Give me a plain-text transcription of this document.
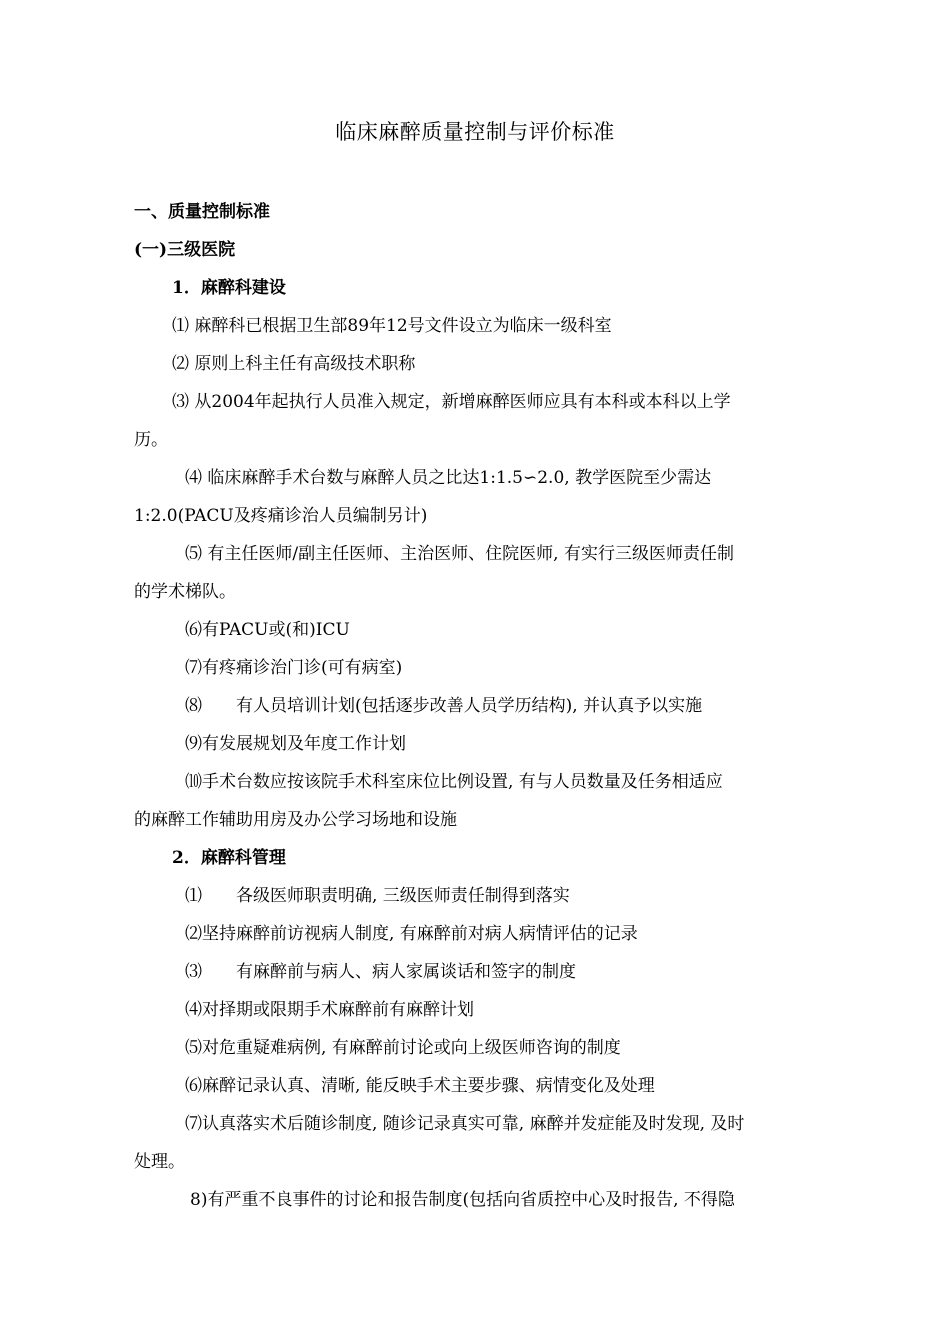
临床麻醉质量控制与评价标准
一、质量控制标准
(一)三级医院
1．麻醉科建设
⑴ 麻醉科已根据卫生部89年12号文件设立为临床一级科室
⑵ 原则上科主任有高级技术职称
⑶ 从2004年起执行人员准入规定，新增麻醉医师应具有本科或本科以上学
历。
⑷ 临床麻醉手术台数与麻醉人员之比达1:1.5∽2.0, 教学医院至少需达
1:2.0(PACU及疼痛诊治人员编制另计)
⑸ 有主任医师/副主任医师、主治医师、住院医师, 有实行三级医师责任制
的学术梯队。
⑹有PACU或(和)ICU
⑺有疼痛诊治门诊(可有病室)
⑻ 有人员培训计划(包括逐步改善人员学历结构), 并认真予以实施
⑼有发展规划及年度工作计划
⑽手术台数应按该院手术科室床位比例设置, 有与人员数量及任务相适应
的麻醉工作辅助用房及办公学习场地和设施
2．麻醉科管理
⑴ 各级医师职责明确, 三级医师责任制得到落实
⑵坚持麻醉前访视病人制度, 有麻醉前对病人病情评估的记录
⑶ 有麻醉前与病人、病人家属谈话和签字的制度
⑷对择期或限期手术麻醉前有麻醉计划
⑸对危重疑难病例, 有麻醉前讨论或向上级医师咨询的制度
⑹麻醉记录认真、清晰, 能反映手术主要步骤、病情变化及处理
⑺认真落实术后随诊制度, 随诊记录真实可靠, 麻醉并发症能及时发现, 及时
处理。
8)有严重不良事件的讨论和报告制度(包括向省质控中心及时报告, 不得隐
